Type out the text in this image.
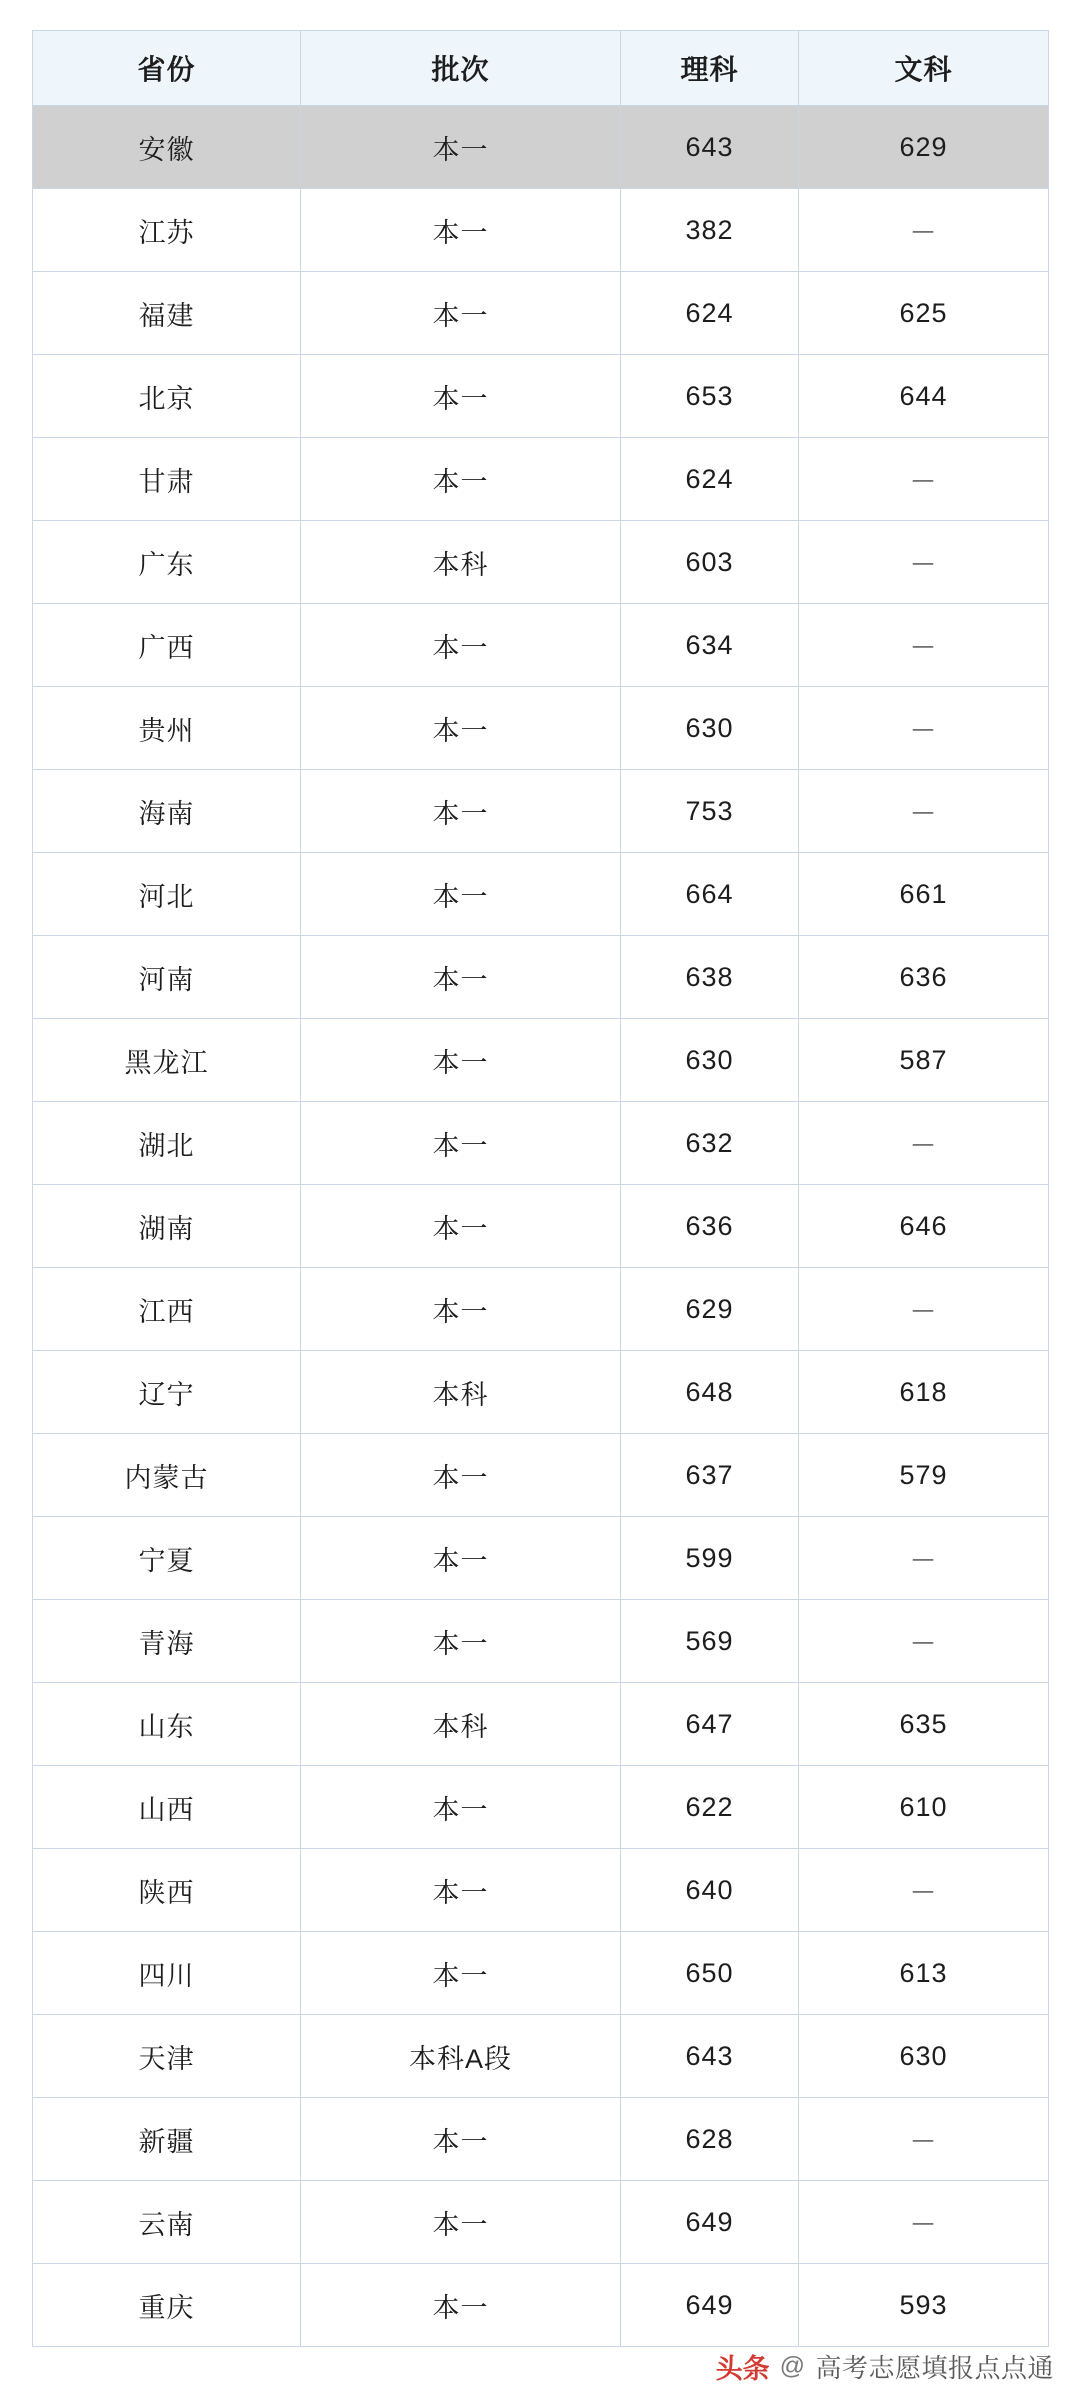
省份	批次	理科	文科
安徽	本一	643	629
江苏	本一	382	－
福建	本一	624	625
北京	本一	653	644
甘肃	本一	624	－
广东	本科	603	－
广西	本一	634	－
贵州	本一	630	－
海南	本一	753	－
河北	本一	664	661
河南	本一	638	636
黑龙江	本一	630	587
湖北	本一	632	－
湖南	本一	636	646
江西	本一	629	－
辽宁	本科	648	618
内蒙古	本一	637	579
宁夏	本一	599	－
青海	本一	569	－
山东	本科	647	635
山西	本一	622	610
陕西	本一	640	－
四川	本一	650	613
天津	本科A段	643	630
新疆	本一	628	－
云南	本一	649	－
重庆	本一	649	593
头条 @ 高考志愿填报点点通
